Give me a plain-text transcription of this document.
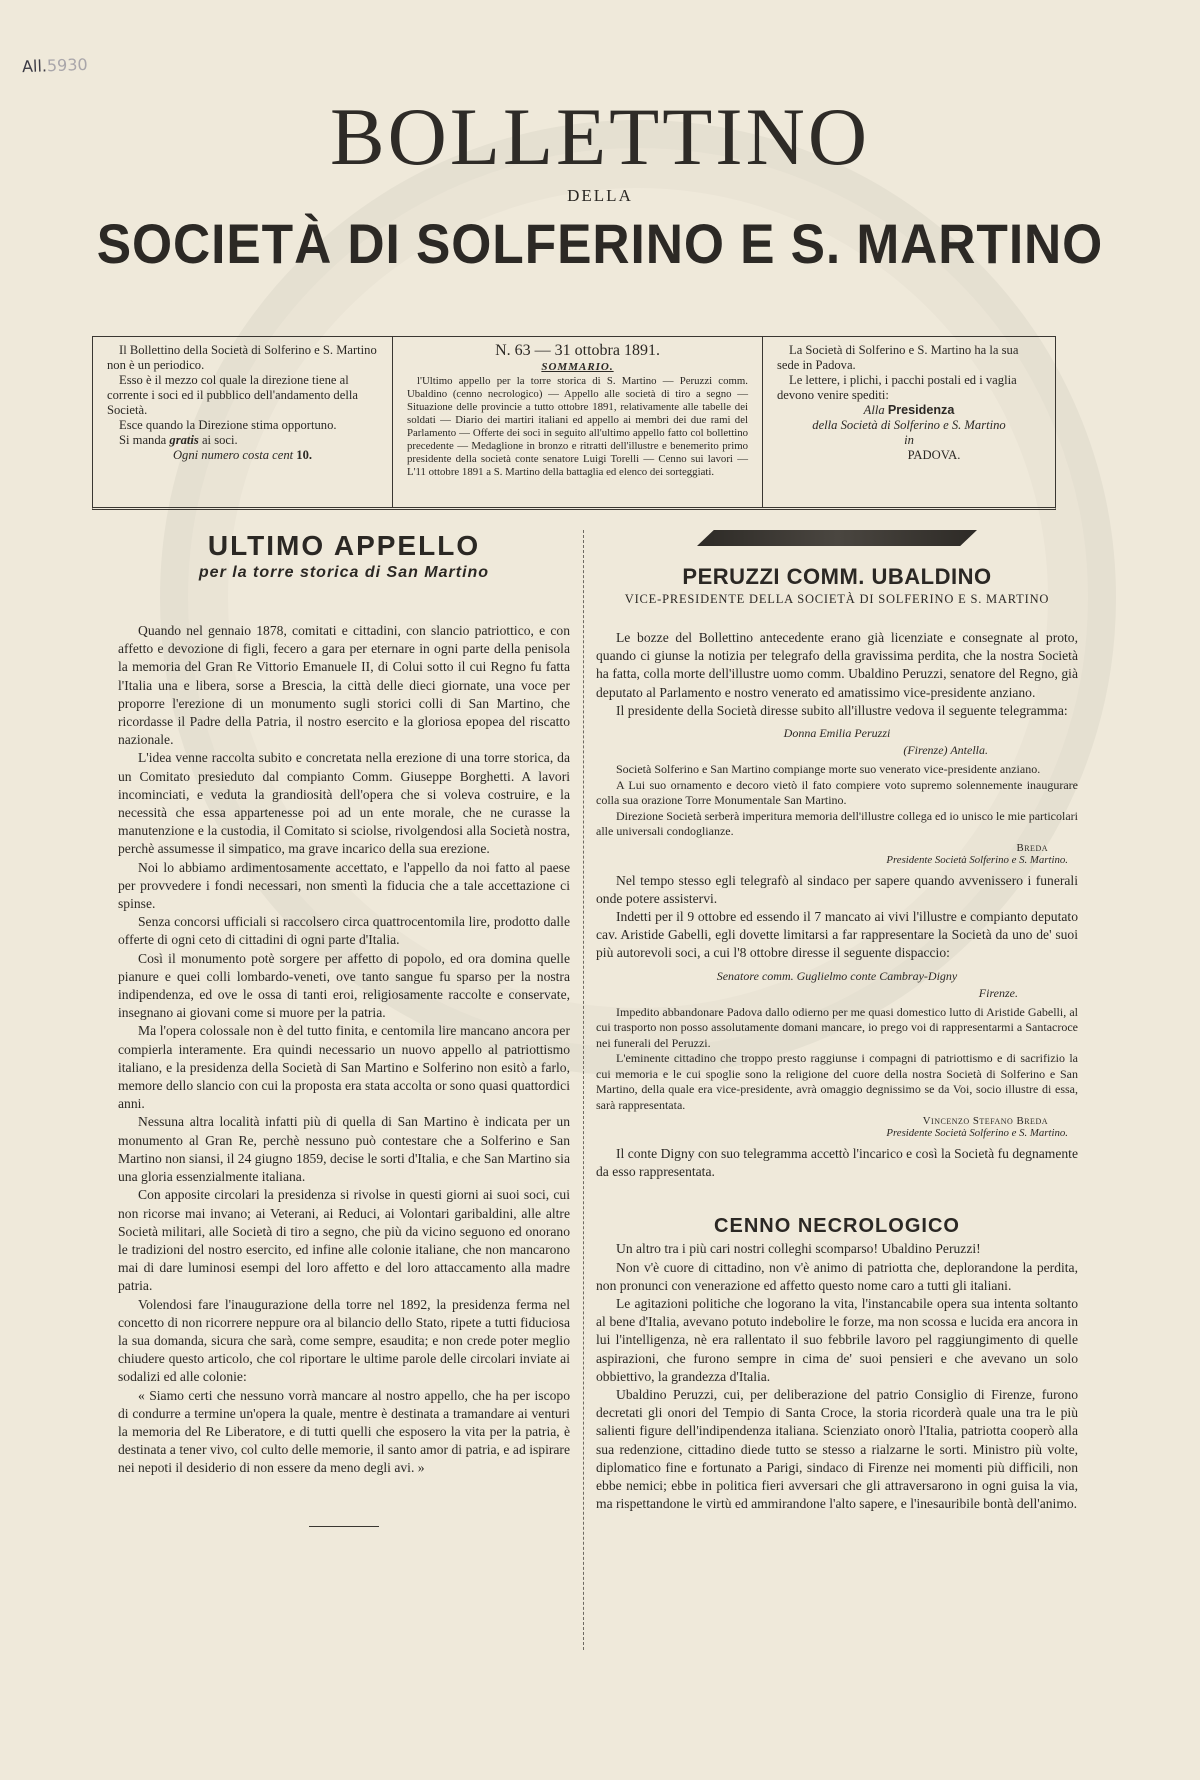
All.5930
BOLLETTINO
DELLA
SOCIETÀ DI SOLFERINO E S. MARTINO

Il Bollettino della Società di Solferino e S. Martino non è un periodico.

Esso è il mezzo col quale la direzione tiene al corrente i soci ed il pubblico dell'andamento della Società.

Esce quando la Direzione stima opportuno.

Si manda gratis ai soci.

Ogni numero costa cent 10.

N. 63 — 31 ottobra 1891.
SOMMARIO.

l'Ultimo appello per la torre storica di S. Martino — Peruzzi comm. Ubaldino (cenno necrologico) — Appello alle società di tiro a segno — Situazione delle provincie a tutto ottobre 1891, relativamente alle tabelle dei soldati — Diario dei martiri italiani ed appello ai membri dei due rami del Parlamento — Offerte dei soci in seguito all'ultimo appello fatto col bollettino precedente — Medaglione in bronzo e ritratti dell'illustre e benemerito primo presidente della società conte senatore Luigi Torelli — Cenno sui lavori — L'11 ottobre 1891 a S. Martino della battaglia ed elenco dei sorteggiati.

La Società di Solferino e S. Martino ha la sua sede in Padova.

Le lettere, i plichi, i pacchi postali ed i vaglia devono venire spediti:

Alla Presidenza

della Società di Solferino e S. Martino

in

PADOVA.

ULTIMO APPELLO
per la torre storica di San Martino

Quando nel gennaio 1878, comitati e cittadini, con slancio patriottico, e con affetto e devozione di figli, fecero a gara per eternare in ogni parte della penisola la memoria del Gran Re Vittorio Emanuele II, di Colui sotto il cui Regno fu fatta l'Italia una e libera, sorse a Brescia, la città delle dieci giornate, una voce per proporre l'erezione di un monumento sugli storici colli di San Martino, che ricordasse il Padre della Patria, il nostro esercito e la gloriosa epopea del riscatto nazionale.

L'idea venne raccolta subito e concretata nella erezione di una torre storica, da un Comitato presieduto dal compianto Comm. Giuseppe Borghetti. A lavori incominciati, e veduta la grandiosità dell'opera che si voleva costruire, e la necessità che essa appartenesse poi ad un ente morale, che ne curasse la manutenzione e la custodia, il Comitato si sciolse, rivolgendosi alla Società nostra, perchè assumesse il simpatico, ma grave incarico della sua erezione.

Noi lo abbiamo ardimentosamente accettato, e l'appello da noi fatto al paese per provvedere i fondi necessari, non smentì la fiducia che a tale accettazione ci spinse.

Senza concorsi ufficiali si raccolsero circa quattrocentomila lire, prodotto dalle offerte di ogni ceto di cittadini di ogni parte d'Italia.

Così il monumento potè sorgere per affetto di popolo, ed ora domina quelle pianure e quei colli lombardo-veneti, ove tanto sangue fu sparso per la nostra indipendenza, ed ove le ossa di tanti eroi, religiosamente raccolte e conservate, insegnano ai giovani come si muore per la patria.

Ma l'opera colossale non è del tutto finita, e centomila lire mancano ancora per compierla interamente. Era quindi necessario un nuovo appello al patriottismo italiano, e la presidenza della Società di San Martino e Solferino non esitò a farlo, memore dello slancio con cui la proposta era stata accolta or sono quasi quattordici anni.

Nessuna altra località infatti più di quella di San Martino è indicata per un monumento al Gran Re, perchè nessuno può contestare che a Solferino e San Martino non siansi, il 24 giugno 1859, decise le sorti d'Italia, e che San Martino sia una gloria essenzialmente italiana.

Con apposite circolari la presidenza si rivolse in questi giorni ai suoi soci, cui non ricorse mai invano; ai Veterani, ai Reduci, ai Volontari garibaldini, alle altre Società militari, alle Società di tiro a segno, che più da vicino seguono ed onorano le tradizioni del nostro esercito, ed infine alle colonie italiane, che non mancarono mai di dare luminosi esempi del loro affetto e del loro attaccamento alla madre patria.

Volendosi fare l'inaugurazione della torre nel 1892, la presidenza ferma nel concetto di non ricorrere neppure ora al bilancio dello Stato, ripete a tutti fiduciosa la sua domanda, sicura che sarà, come sempre, esaudita; e non crede poter meglio chiudere questo articolo, che col riportare le ultime parole delle circolari inviate ai sodalizi ed alle colonie:

« Siamo certi che nessuno vorrà mancare al nostro appello, che ha per iscopo di condurre a termine un'opera la quale, mentre è destinata a tramandare ai venturi la memoria del Re Liberatore, e di tutti quelli che esposero la vita per la patria, è destinata a tener vivo, col culto delle memorie, il santo amor di patria, e ad ispirare nei nepoti il desiderio di non essere da meno degli avi. »

PERUZZI COMM. UBALDINO
VICE-PRESIDENTE DELLA SOCIETÀ DI SOLFERINO E S. MARTINO

Le bozze del Bollettino antecedente erano già licenziate e consegnate al proto, quando ci giunse la notizia per telegrafo della gravissima perdita, che la nostra Società ha fatta, colla morte dell'illustre uomo comm. Ubaldino Peruzzi, senatore del Regno, già deputato al Parlamento e nostro venerato ed amatissimo vice-presidente anziano.

Il presidente della Società diresse subito all'illustre vedova il seguente telegramma:

Donna Emilia Peruzzi
(Firenze) Antella.

Società Solferino e San Martino compiange morte suo venerato vice-presidente anziano.

A Lui suo ornamento e decoro vietò il fato compiere voto supremo solennemente inaugurare colla sua orazione Torre Monumentale San Martino.

Direzione Società serberà imperitura memoria dell'illustre collega ed io unisco le mie particolari alle universali condoglianze.

Breda
Presidente Società Solferino e S. Martino.

Nel tempo stesso egli telegrafò al sindaco per sapere quando avvenissero i funerali onde potere assistervi.

Indetti per il 9 ottobre ed essendo il 7 mancato ai vivi l'illustre e compianto deputato cav. Aristide Gabelli, egli dovette limitarsi a far rappresentare la Società da uno de' suoi più autorevoli soci, a cui l'8 ottobre diresse il seguente dispaccio:

Senatore comm. Guglielmo conte Cambray-Digny
Firenze.

Impedito abbandonare Padova dallo odierno per me quasi domestico lutto di Aristide Gabelli, al cui trasporto non posso assolutamente domani mancare, io prego voi di rappresentarmi a Santacroce nei funerali del Peruzzi.

L'eminente cittadino che troppo presto raggiunse i compagni di patriottismo e di sacrifizio la cui memoria e le cui spoglie sono la religione del cuore della nostra Società di Solferino e San Martino, della quale era vice-presidente, avrà omaggio degnissimo se da Voi, socio illustre di essa, sarà rappresentata.

Vincenzo Stefano Breda
Presidente Società Solferino e S. Martino.

Il conte Digny con suo telegramma accettò l'incarico e così la Società fu degnamente da esso rappresentata.

CENNO NECROLOGICO

Un altro tra i più cari nostri colleghi scomparso! Ubaldino Peruzzi!

Non v'è cuore di cittadino, non v'è animo di patriotta che, deplorandone la perdita, non pronunci con venerazione ed affetto questo nome caro a tutti gli italiani.

Le agitazioni politiche che logorano la vita, l'instancabile opera sua intenta soltanto al bene d'Italia, avevano potuto indebolire le forze, ma non scossa e lucida era ancora in lui l'intelligenza, nè era rallentato il suo febbrile lavoro pel raggiungimento di quelle aspirazioni, che furono sempre in cima de' suoi pensieri e che avevano un solo obbiettivo, la grandezza d'Italia.

Ubaldino Peruzzi, cui, per deliberazione del patrio Consiglio di Firenze, furono decretati gli onori del Tempio di Santa Croce, la storia ricorderà quale una tra le più salienti figure dell'indipendenza italiana. Scienziato onorò l'Italia, patriotta cooperò alla sua redenzione, cittadino diede tutto se stesso a rialzarne le sorti. Ministro più volte, diplomatico fine e fortunato a Parigi, sindaco di Firenze nei momenti più difficili, non ebbe nemici; ebbe in politica fieri avversari che gli attraversarono in ogni guisa la via, ma rispettandone le virtù ed ammirandone l'alto sapere, e l'inesauribile bontà dell'animo.
